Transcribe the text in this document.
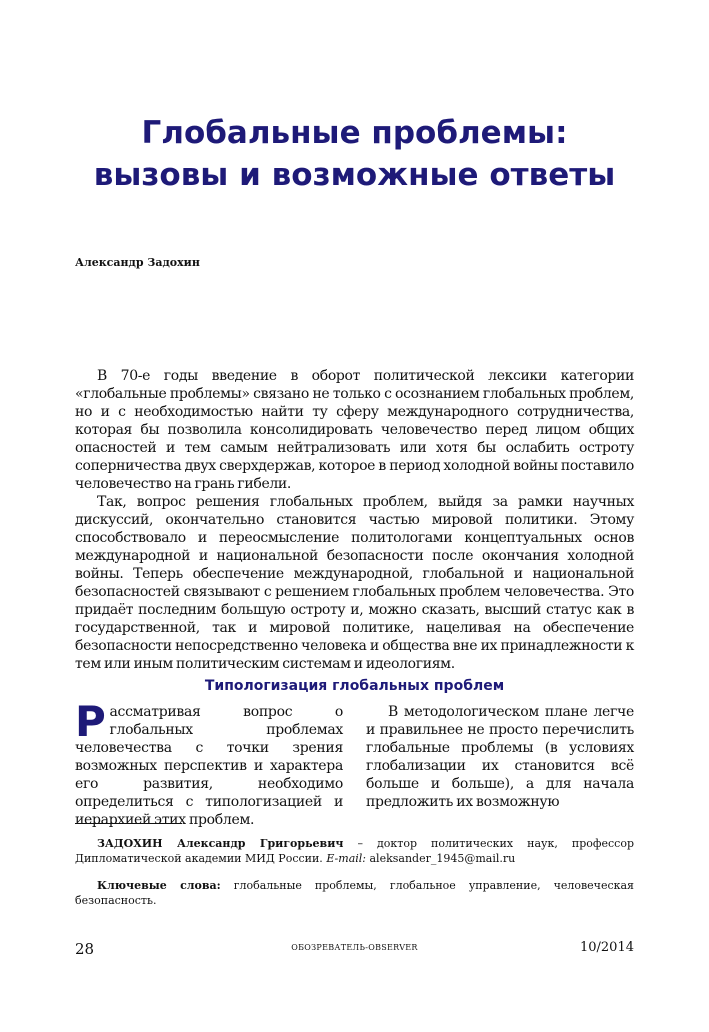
Глобальные проблемы:
вызовы и возможные ответы

Александр Задохин

В 70-е годы введение в оборот политической лексики категории «глобальные проблемы» связано не только с осознанием глобальных проблем, но и с необходимостью найти ту сферу международного сотрудничества, которая бы позволила консолидировать человечество перед лицом общих опасностей и тем самым нейтрализовать или хотя бы ослабить остроту соперничества двух сверхдержав, которое в период холодной войны поставило человечество на грань гибели.

Так, вопрос решения глобальных проблем, выйдя за рамки научных дискуссий, окончательно становится частью мировой политики. Этому способствовало и переосмысление политологами концептуальных основ международной и национальной безопасности после окончания холодной войны. Теперь обеспечение международной, глобальной и национальной безопасностей связывают с решением глобальных проблем человечества. Это придаёт последним большую остроту и, можно сказать, высший статус как в государственной, так и мировой политике, нацеливая на обеспечение безопасности непосредственно человека и общества вне их принадлежности к тем или иным политическим системам и идеологиям.

Типологизация глобальных проблем

Рассматривая вопрос о глобальных проблемах человечества с точки зрения возможных перспектив и характера его развития, необходимо определиться с типологизацией и иерархией этих проблем.

В методологическом плане легче и правильнее не просто перечислить глобальные проблемы (в условиях глобализации их становится всё больше и больше), а для начала предложить их возможную

ЗАДОХИН Александр Григорьевич – доктор политических наук, профессор Дипломатической академии МИД России. E-mail: aleksander_1945@mail.ru

Ключевые слова: глобальные проблемы, глобальное управление, человеческая безопасность.

28	ОБОЗРЕВАТЕЛЬ-OBSERVER	10/2014
